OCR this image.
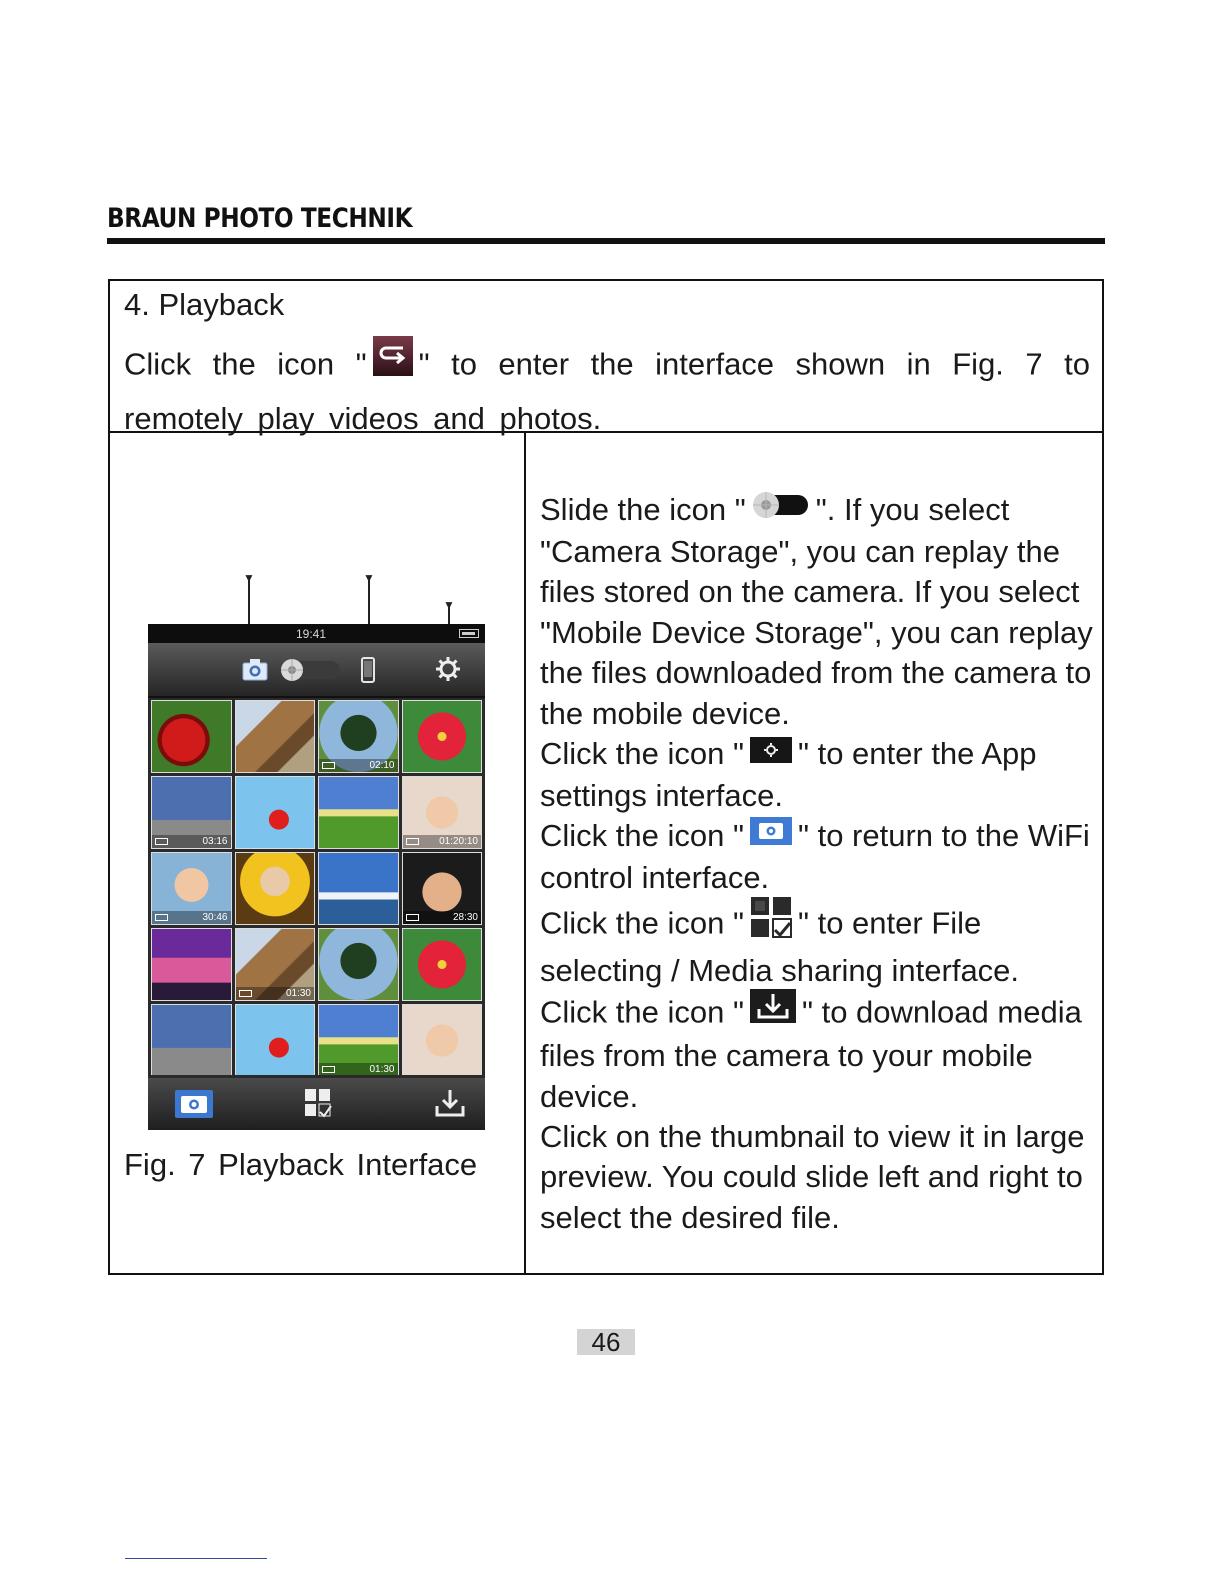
BRAUN PHOTO TECHNIK
4. Playback
Click the icon " " to enter the interface shown in Fig. 7 to remotely play videos and photos.
▼	▼
▼
19:41
02:10
03:16	01:20:10
30:46	28:30
01:30
01:30
Fig. 7 Playback Interface

Slide the icon " ". If you select "Camera Storage", you can replay the files stored on the camera. If you select "Mobile Device Storage", you can replay the files downloaded from the camera to the mobile device.

Click the icon " " to enter the App settings interface.

Click the icon " " to return to the WiFi control interface.

Click the icon " " to enter File selecting / Media sharing interface.

Click the icon " " to download media files from the camera to your mobile device.

Click on the thumbnail to view it in large preview. You could slide left and right to select the desired file.

46
